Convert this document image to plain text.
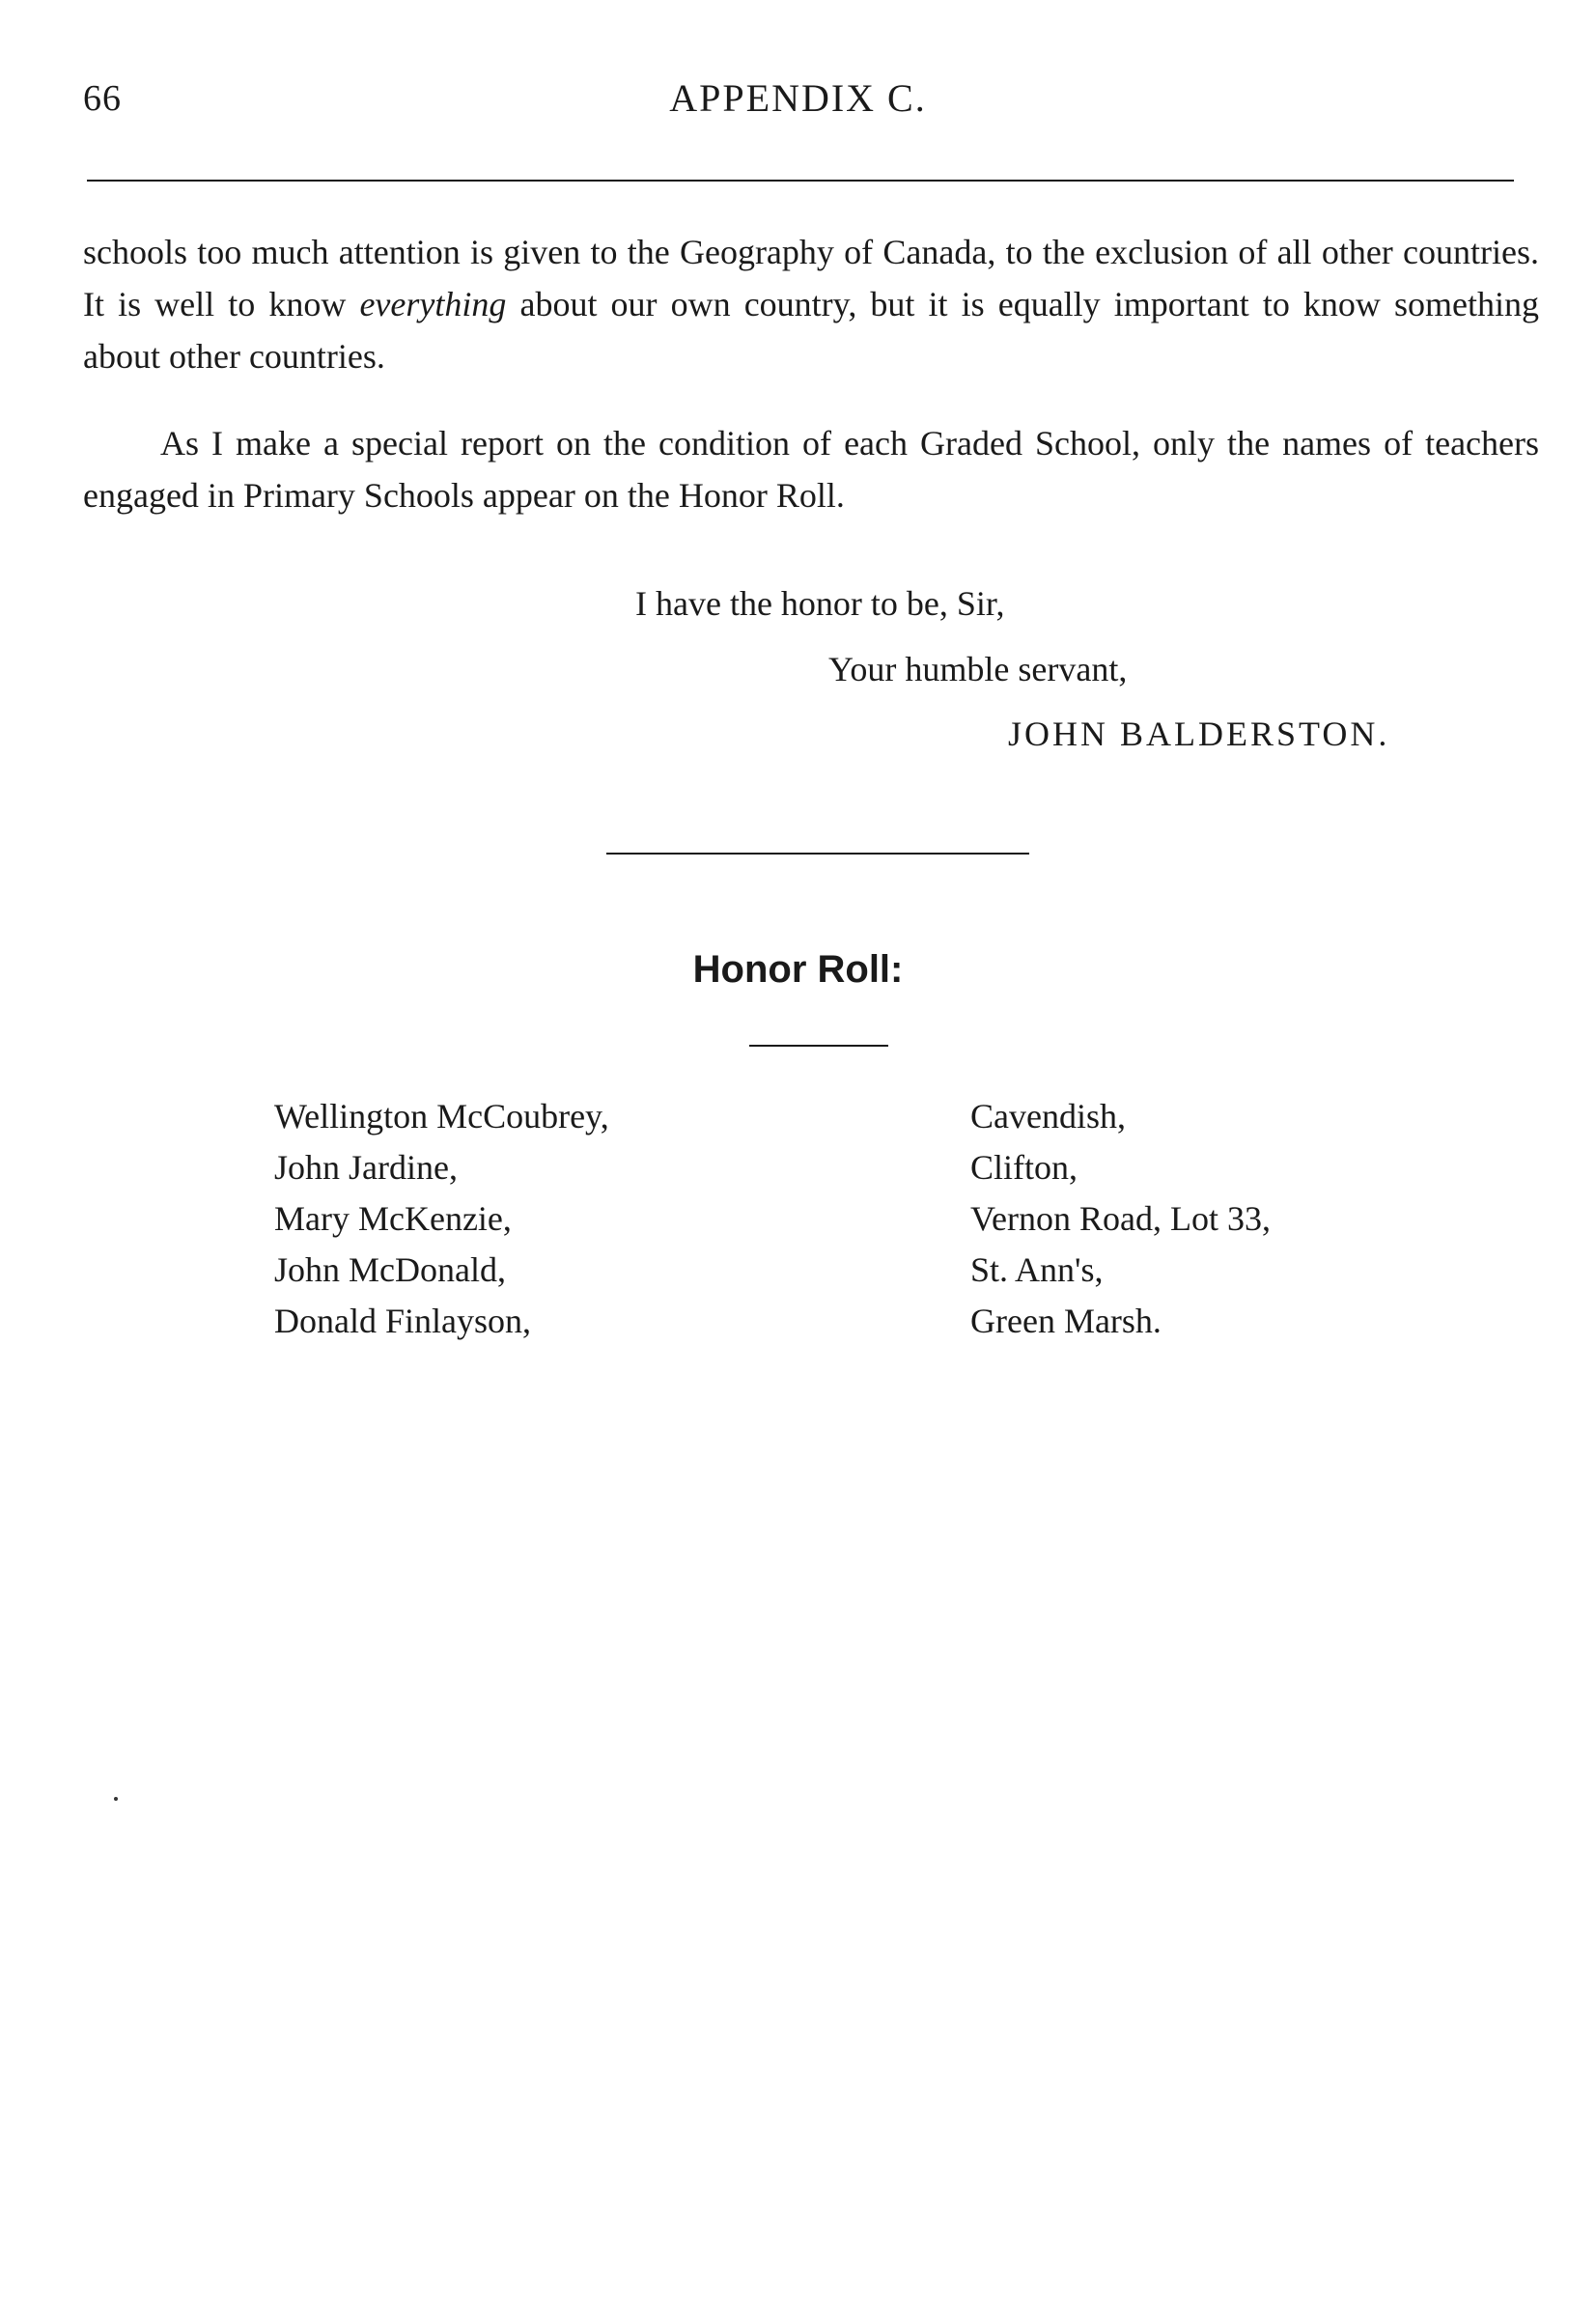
66	APPENDIX C.

schools too much attention is given to the Geography of Canada, to the exclusion of all other countries. It is well to know everything about our own country, but it is equally important to know something about other countries.

As I make a special report on the condition of each Graded School, only the names of teachers engaged in Primary Schools appear on the Honor Roll.

I have the honor to be, Sir,
Your humble servant,
JOHN BALDERSTON.
Honor Roll:
Wellington McCoubrey,	Cavendish,
John Jardine,	Clifton,
Mary McKenzie,	Vernon Road, Lot 33,
John McDonald,	St. Ann's,
Donald Finlayson,	Green Marsh.
